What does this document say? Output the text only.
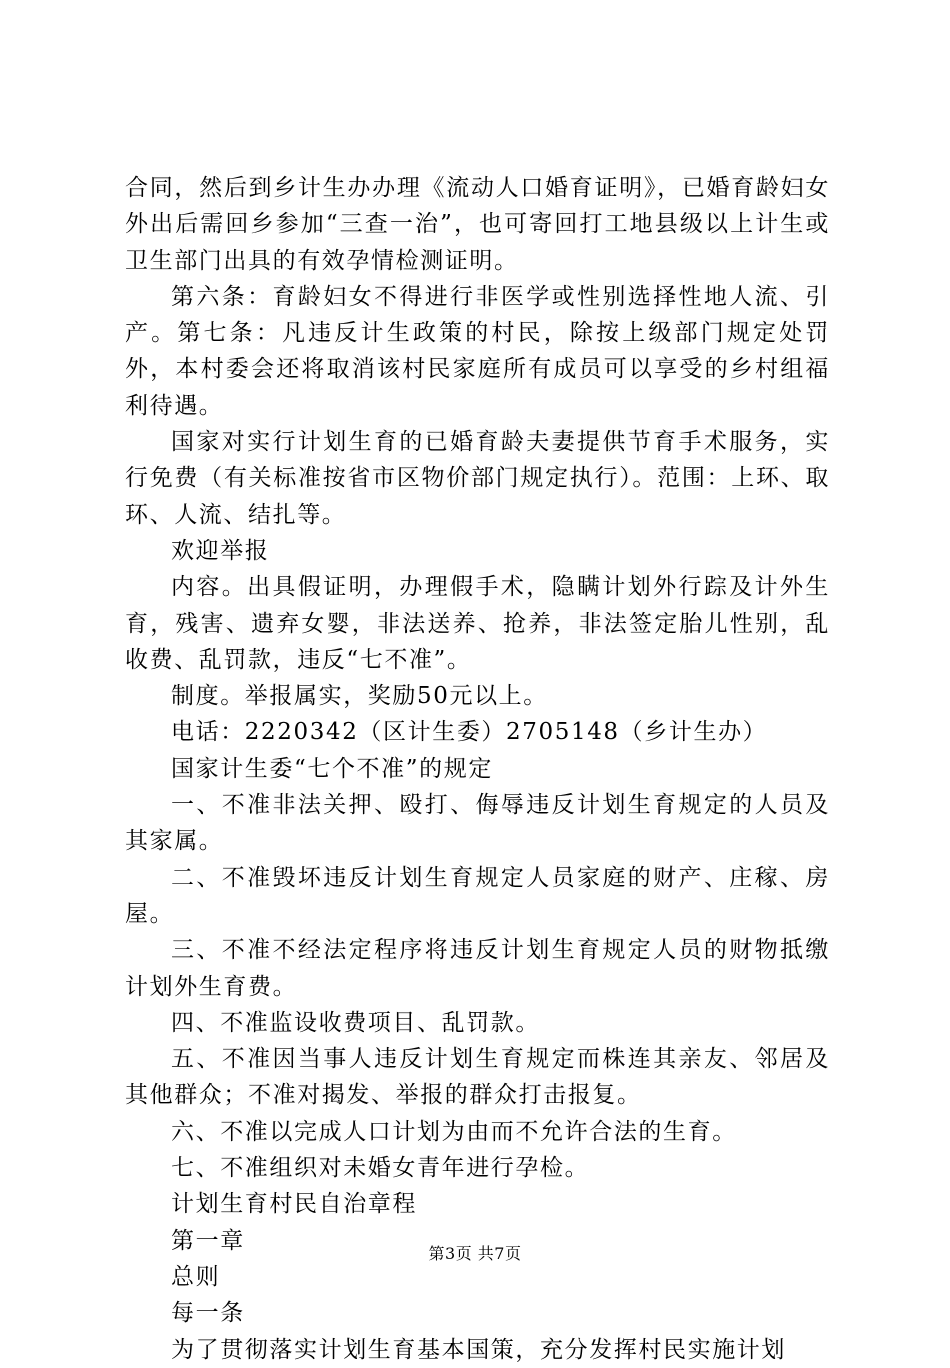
合同，然后到乡计生办办理《流动人口婚育证明》，已婚育龄妇女外出后需回乡参加“三查一治”，也可寄回打工地县级以上计生或卫生部门出具的有效孕情检测证明。

第六条：育龄妇女不得进行非医学或性别选择性地人流、引产。第七条：凡违反计生政策的村民，除按上级部门规定处罚外，本村委会还将取消该村民家庭所有成员可以享受的乡村组福利待遇。

国家对实行计划生育的已婚育龄夫妻提供节育手术服务，实行免费（有关标准按省市区物价部门规定执行）。范围：上环、取环、人流、结扎等。

欢迎举报

内容。出具假证明，办理假手术，隐瞒计划外行踪及计外生育，残害、遗弃女婴，非法送养、抢养，非法签定胎儿性别，乱收费、乱罚款，违反“七不准”。

制度。举报属实，奖励50元以上。

电话：2220342（区计生委）2705148（乡计生办）

国家计生委“七个不准”的规定

一、不准非法关押、殴打、侮辱违反计划生育规定的人员及其家属。

二、不准毁坏违反计划生育规定人员家庭的财产、庄稼、房屋。

三、不准不经法定程序将违反计划生育规定人员的财物抵缴计划外生育费。

四、不准监设收费项目、乱罚款。

五、不准因当事人违反计划生育规定而株连其亲友、邻居及其他群众；不准对揭发、举报的群众打击报复。

六、不准以完成人口计划为由而不允许合法的生育。

七、不准组织对未婚女青年进行孕检。

计划生育村民自治章程

第一章

总则

每一条

为了贯彻落实计划生育基本国策，充分发挥村民实施计划

第3页 共7页
